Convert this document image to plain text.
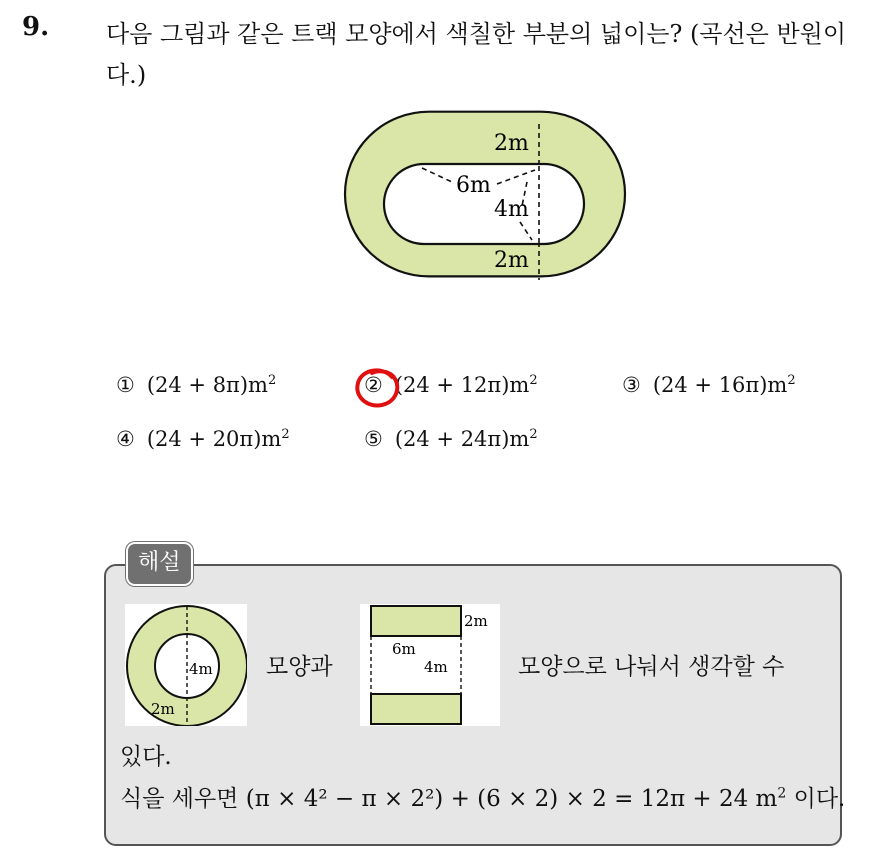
9. 다음 그림과 같은 트랙 모양에서 색칠한 부분의 넓이는? (곡선은 반원이다.)
2m
6m
4m
2m
① $(24 + 8\pi)m^2$	② $(24 + 12\pi)m^2$	③ $(24 + 16\pi)m^2$
④ $(24 + 20\pi)m^2$	⑤ $(24 + 24\pi)m^2$
해설
4m
2m
모양과
2m
6m
4m	모양으로 나눠서 생각할 수
있다.
식을 세우면 (π × 4² − π × 2²) + (6 × 2) × 2 = 12π + 24 $m^2$ 이다.
